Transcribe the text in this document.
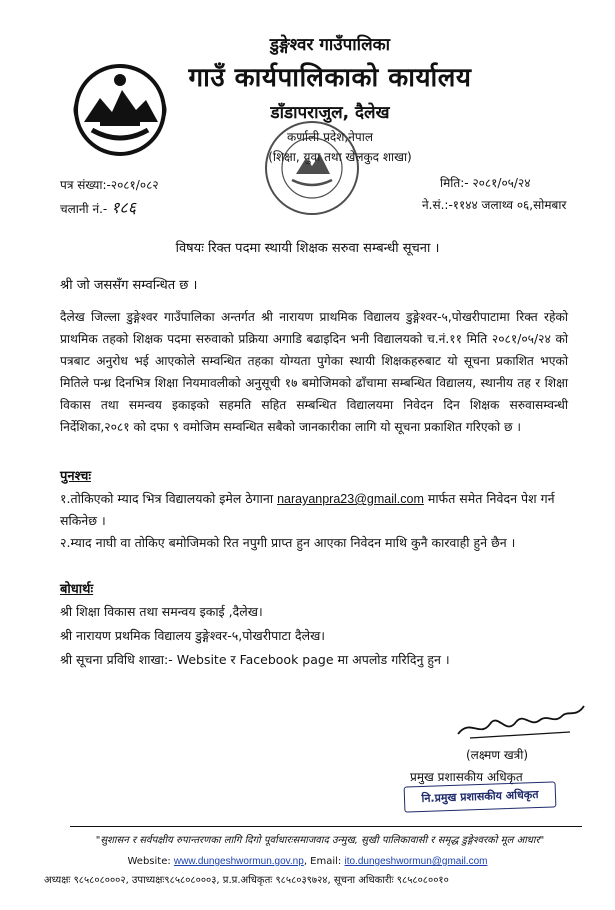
डुङ्गेश्वर गाउँपालिका
गाउँ कार्यपालिकाको कार्यालय
डाँडापराजुल, दैलेख
कर्णाली प्रदेश,नेपाल
(शिक्षा, युवा तथा खेलकुद शाखा)
पत्र संख्या:-२०८१/०८२
चलानी नं.- १८६
मिति:- २०८१/०५/२४
ने.सं.:-११४४ जलाथ्व ०६,सोमबार
विषयः रिक्त पदमा स्थायी शिक्षक सरुवा सम्बन्धी सूचना ।
श्री जो जससँग सम्वन्धित छ ।
दैलेख जिल्ला डुङ्गेश्वर गाउँपालिका अन्तर्गत श्री नारायण प्राथमिक विद्यालय डुङ्गेश्वर-५,पोखरीपाटामा रिक्त रहेको प्राथमिक तहको शिक्षक पदमा सरुवाको प्रक्रिया अगाडि बढाइदिन भनी विद्यालयको च.नं.११ मिति २०८१/०५/२४ को पत्रबाट अनुरोध भई आएकोले सम्वन्धित तहका योग्यता पुगेका स्थायी शिक्षकहरुबाट यो सूचना प्रकाशित भएको मितिले पन्ध्र दिनभित्र शिक्षा नियमावलीको अनुसूची १७ बमोजिमको ढाँचामा सम्बन्धित विद्यालय, स्थानीय तह र शिक्षा विकास तथा समन्वय इकाइको सहमति सहित सम्बन्धित विद्यालयमा निवेदन दिन शिक्षक सरुवासम्वन्धी निर्देशिका,२०८१ को दफा ९ वमोजिम सम्वन्धित सबैको जानकारीका लागि यो सूचना प्रकाशित गरिएको छ ।
पुनश्चः
१.तोकिएको म्याद भित्र विद्यालयको इमेल ठेगाना narayanpra23@gmail.com मार्फत समेत निवेदन पेश गर्न सकिनेछ ।
२.म्याद नाघी वा तोकिए बमोजिमको रित नपुगी प्राप्त हुन आएका निवेदन माथि कुनै कारवाही हुने छैन ।
बोधार्थः
श्री शिक्षा विकास तथा समन्वय इकाई ,दैलेख।
श्री नारायण प्रथमिक विद्यालय डुङ्गेश्वर-५,पोखरीपाटा दैलेख।
श्री सूचना प्रविधि शाखा:- Website र Facebook page मा अपलोड गरिदिनु हुन ।
(लक्ष्मण खत्री)
प्रमुख प्रशासकीय अधिकृत
नि.प्रमुख प्रशासकीय अधिकृत
"सुशासन र सर्वपक्षीय रुपान्तरणका लागि दिगो पूर्वाधारःसमाजवाद उन्मुख, सुखी पालिकावासी र समृद्ध डुङ्गेश्वरको मूल आधार"
Website: www.dungeshwormun.gov.np, Email: ito.dungeshwormun@gmail.com
अध्यक्षः ९८५८०८०००२, उपाध्यक्षः९८५८०८०००३, प्र.प्र.अधिकृतः ९८५८०३९७२४, सूचना अधिकारीः ९८५८०८००१०
